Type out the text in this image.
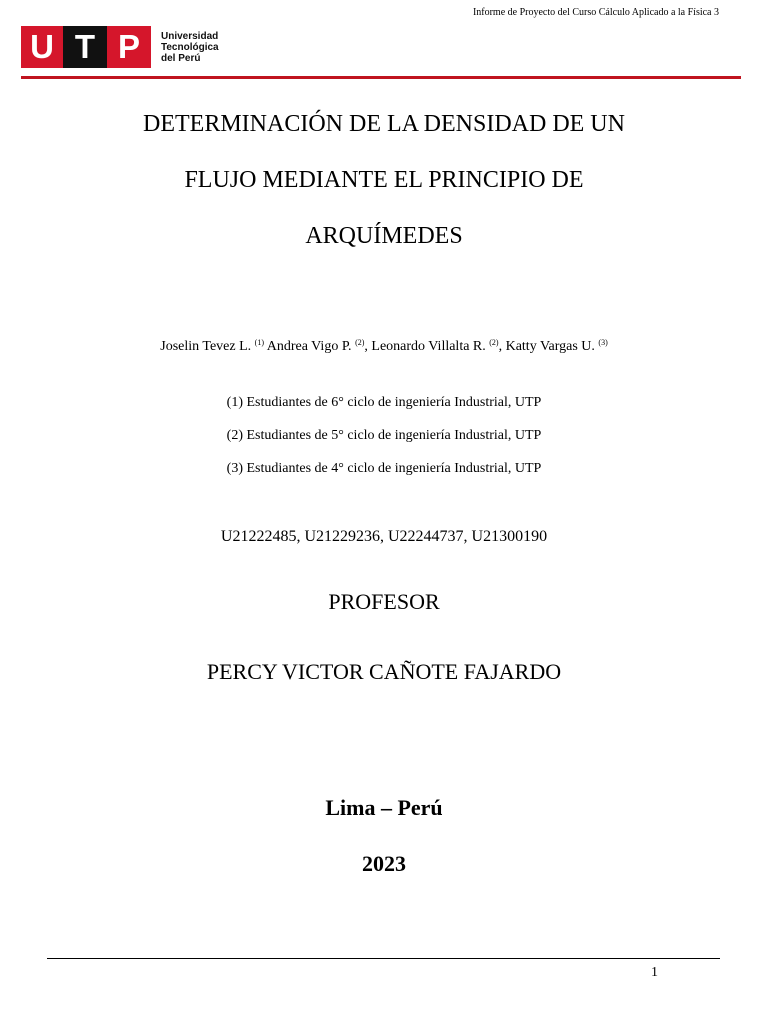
Informe de Proyecto del Curso Cálculo Aplicado a la Física 3
U T P	Universidad
Tecnológica
del Perú
DETERMINACIÓN DE LA DENSIDAD DE UN
FLUJO MEDIANTE EL PRINCIPIO DE
ARQUÍMEDES
Joselin Tevez L. $^{(1)}$ Andrea Vigo P. $^{(2)}$, Leonardo Villalta R. $^{(2)}$, Katty Vargas U. $^{(3)}$
(1) Estudiantes de 6° ciclo de ingeniería Industrial, UTP
(2) Estudiantes de 5° ciclo de ingeniería Industrial, UTP
(3) Estudiantes de 4° ciclo de ingeniería Industrial, UTP
U21222485, U21229236, U22244737, U21300190
PROFESOR
PERCY VICTOR CAÑOTE FAJARDO
Lima – Perú
2023
1
